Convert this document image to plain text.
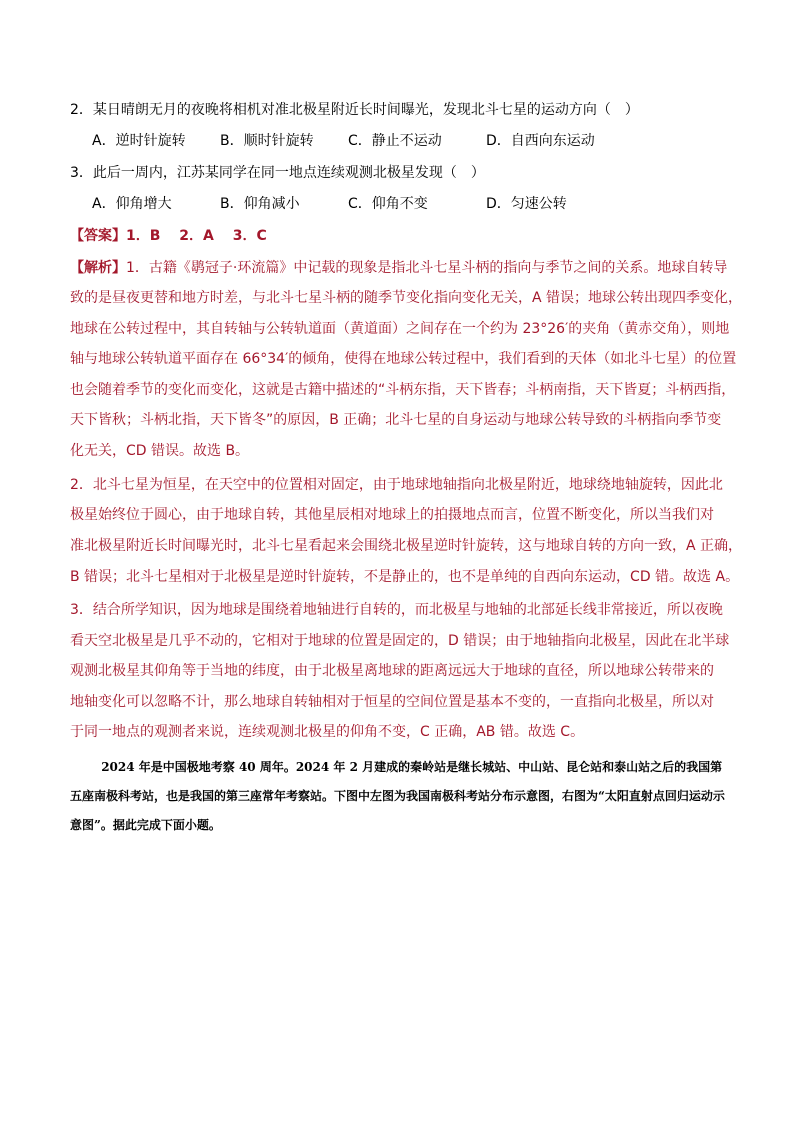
2．某日晴朗无月的夜晚将相机对准北极星附近长时间曝光，发现北斗七星的运动方向（　）
A．逆时针旋转 B．顺时针旋转 C．静止不运动	D．自西向东运动
3．此后一周内，江苏某同学在同一地点连续观测北极星发现（　）
A．仰角增大	B．仰角减小	C．仰角不变	D．匀速公转
【答案】1．B　 2．A　 3．C
【解析】1．古籍《鹖冠子·环流篇》中记载的现象是指北斗七星斗柄的指向与季节之间的关系。地球自转导
致的是昼夜更替和地方时差，与北斗七星斗柄的随季节变化指向变化无关，A 错误；地球公转出现四季变化，
地球在公转过程中，其自转轴与公转轨道面（黄道面）之间存在一个约为 23°26′的夹角（黄赤交角），则地
轴与地球公转轨道平面存在 66°34′的倾角，使得在地球公转过程中，我们看到的天体（如北斗七星）的位置
也会随着季节的变化而变化，这就是古籍中描述的“斗柄东指，天下皆春；斗柄南指，天下皆夏；斗柄西指，
天下皆秋；斗柄北指，天下皆冬”的原因，B 正确；北斗七星的自身运动与地球公转导致的斗柄指向季节变
化无关，CD 错误。故选 B。
2．北斗七星为恒星，在天空中的位置相对固定，由于地球地轴指向北极星附近，地球绕地轴旋转，因此北
极星始终位于圆心，由于地球自转，其他星辰相对地球上的拍摄地点而言，位置不断变化，所以当我们对
准北极星附近长时间曝光时，北斗七星看起来会围绕北极星逆时针旋转，这与地球自转的方向一致，A 正确，
B 错误；北斗七星相对于北极星是逆时针旋转，不是静止的，也不是单纯的自西向东运动，CD 错。故选 A。
3．结合所学知识，因为地球是围绕着地轴进行自转的，而北极星与地轴的北部延长线非常接近，所以夜晚
看天空北极星是几乎不动的，它相对于地球的位置是固定的，D 错误；由于地轴指向北极星，因此在北半球
观测北极星其仰角等于当地的纬度，由于北极星离地球的距离远远大于地球的直径，所以地球公转带来的
地轴变化可以忽略不计，那么地球自转轴相对于恒星的空间位置是基本不变的，一直指向北极星，所以对
于同一地点的观测者来说，连续观测北极星的仰角不变，C 正确，AB 错。故选 C。

2024 年是中国极地考察 40 周年。2024 年 2 月建成的秦岭站是继长城站、中山站、昆仑站和泰山站之后的我国第五座南极科考站，也是我国的第三座常年考察站。下图中左图为我国南极科考站分布示意图，右图为“太阳直射点回归运动示意图”。据此完成下面小题。
